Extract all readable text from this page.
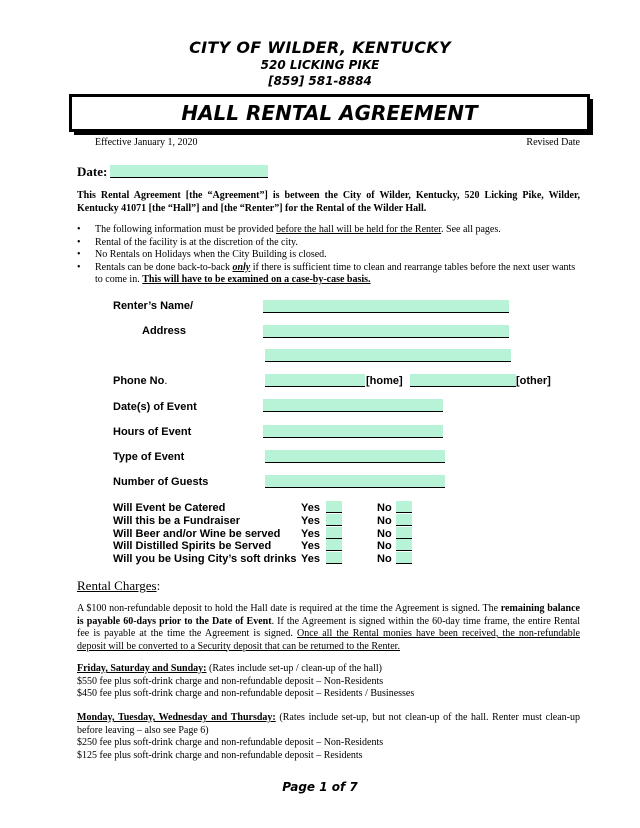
CITY OF WILDER, KENTUCKY
520 LICKING PIKE
[859] 581-8884
HALL RENTAL AGREEMENT
Effective January 1, 2020	Revised Date
Date:
This Rental Agreement [the “Agreement”] is between the City of Wilder, Kentucky, 520 Licking Pike, Wilder, Kentucky 41071 [the “Hall”] and [the “Renter”] for the Rental of the Wilder Hall.
• The following information must be provided before the hall will be held for the Renter. See all pages.
• Rental of the facility is at the discretion of the city.
• No Rentals on Holidays when the City Building is closed.
• Rentals can be done back-to-back only if there is sufficient time to clean and rearrange tables before the next user wants to come in. This will have to be examined on a case-by-case basis.
Renter’s Name/
Address
Phone No.	[home]	[other]
Date(s) of Event
Hours of Event
Type of Event
Number of Guests
Will Event be Catered	Yes	No
Will this be a Fundraiser	Yes	No
Will Beer and/or Wine be served Yes	No
Will Distilled Spirits be Served	Yes	No
Will you be Using City’s soft drinks Yes	No
Rental Charges:
A $100 non-refundable deposit to hold the Hall date is required at the time the Agreement is signed. The remaining balance is payable 60-days prior to the Date of Event. If the Agreement is signed within the 60-day time frame, the entire Rental fee is payable at the time the Agreement is signed. Once all the Rental monies have been received, the non-refundable deposit will be converted to a Security deposit that can be returned to the Renter.
Friday, Saturday and Sunday: (Rates include set-up / clean-up of the hall)
$550 fee plus soft-drink charge and non-refundable deposit – Non-Residents
$450 fee plus soft-drink charge and non-refundable deposit – Residents / Businesses
Monday, Tuesday, Wednesday and Thursday: (Rates include set-up, but not clean-up of the hall. Renter must clean-up before leaving – also see Page 6)
$250 fee plus soft-drink charge and non-refundable deposit – Non-Residents
$125 fee plus soft-drink charge and non-refundable deposit – Residents
Page 1 of 7
